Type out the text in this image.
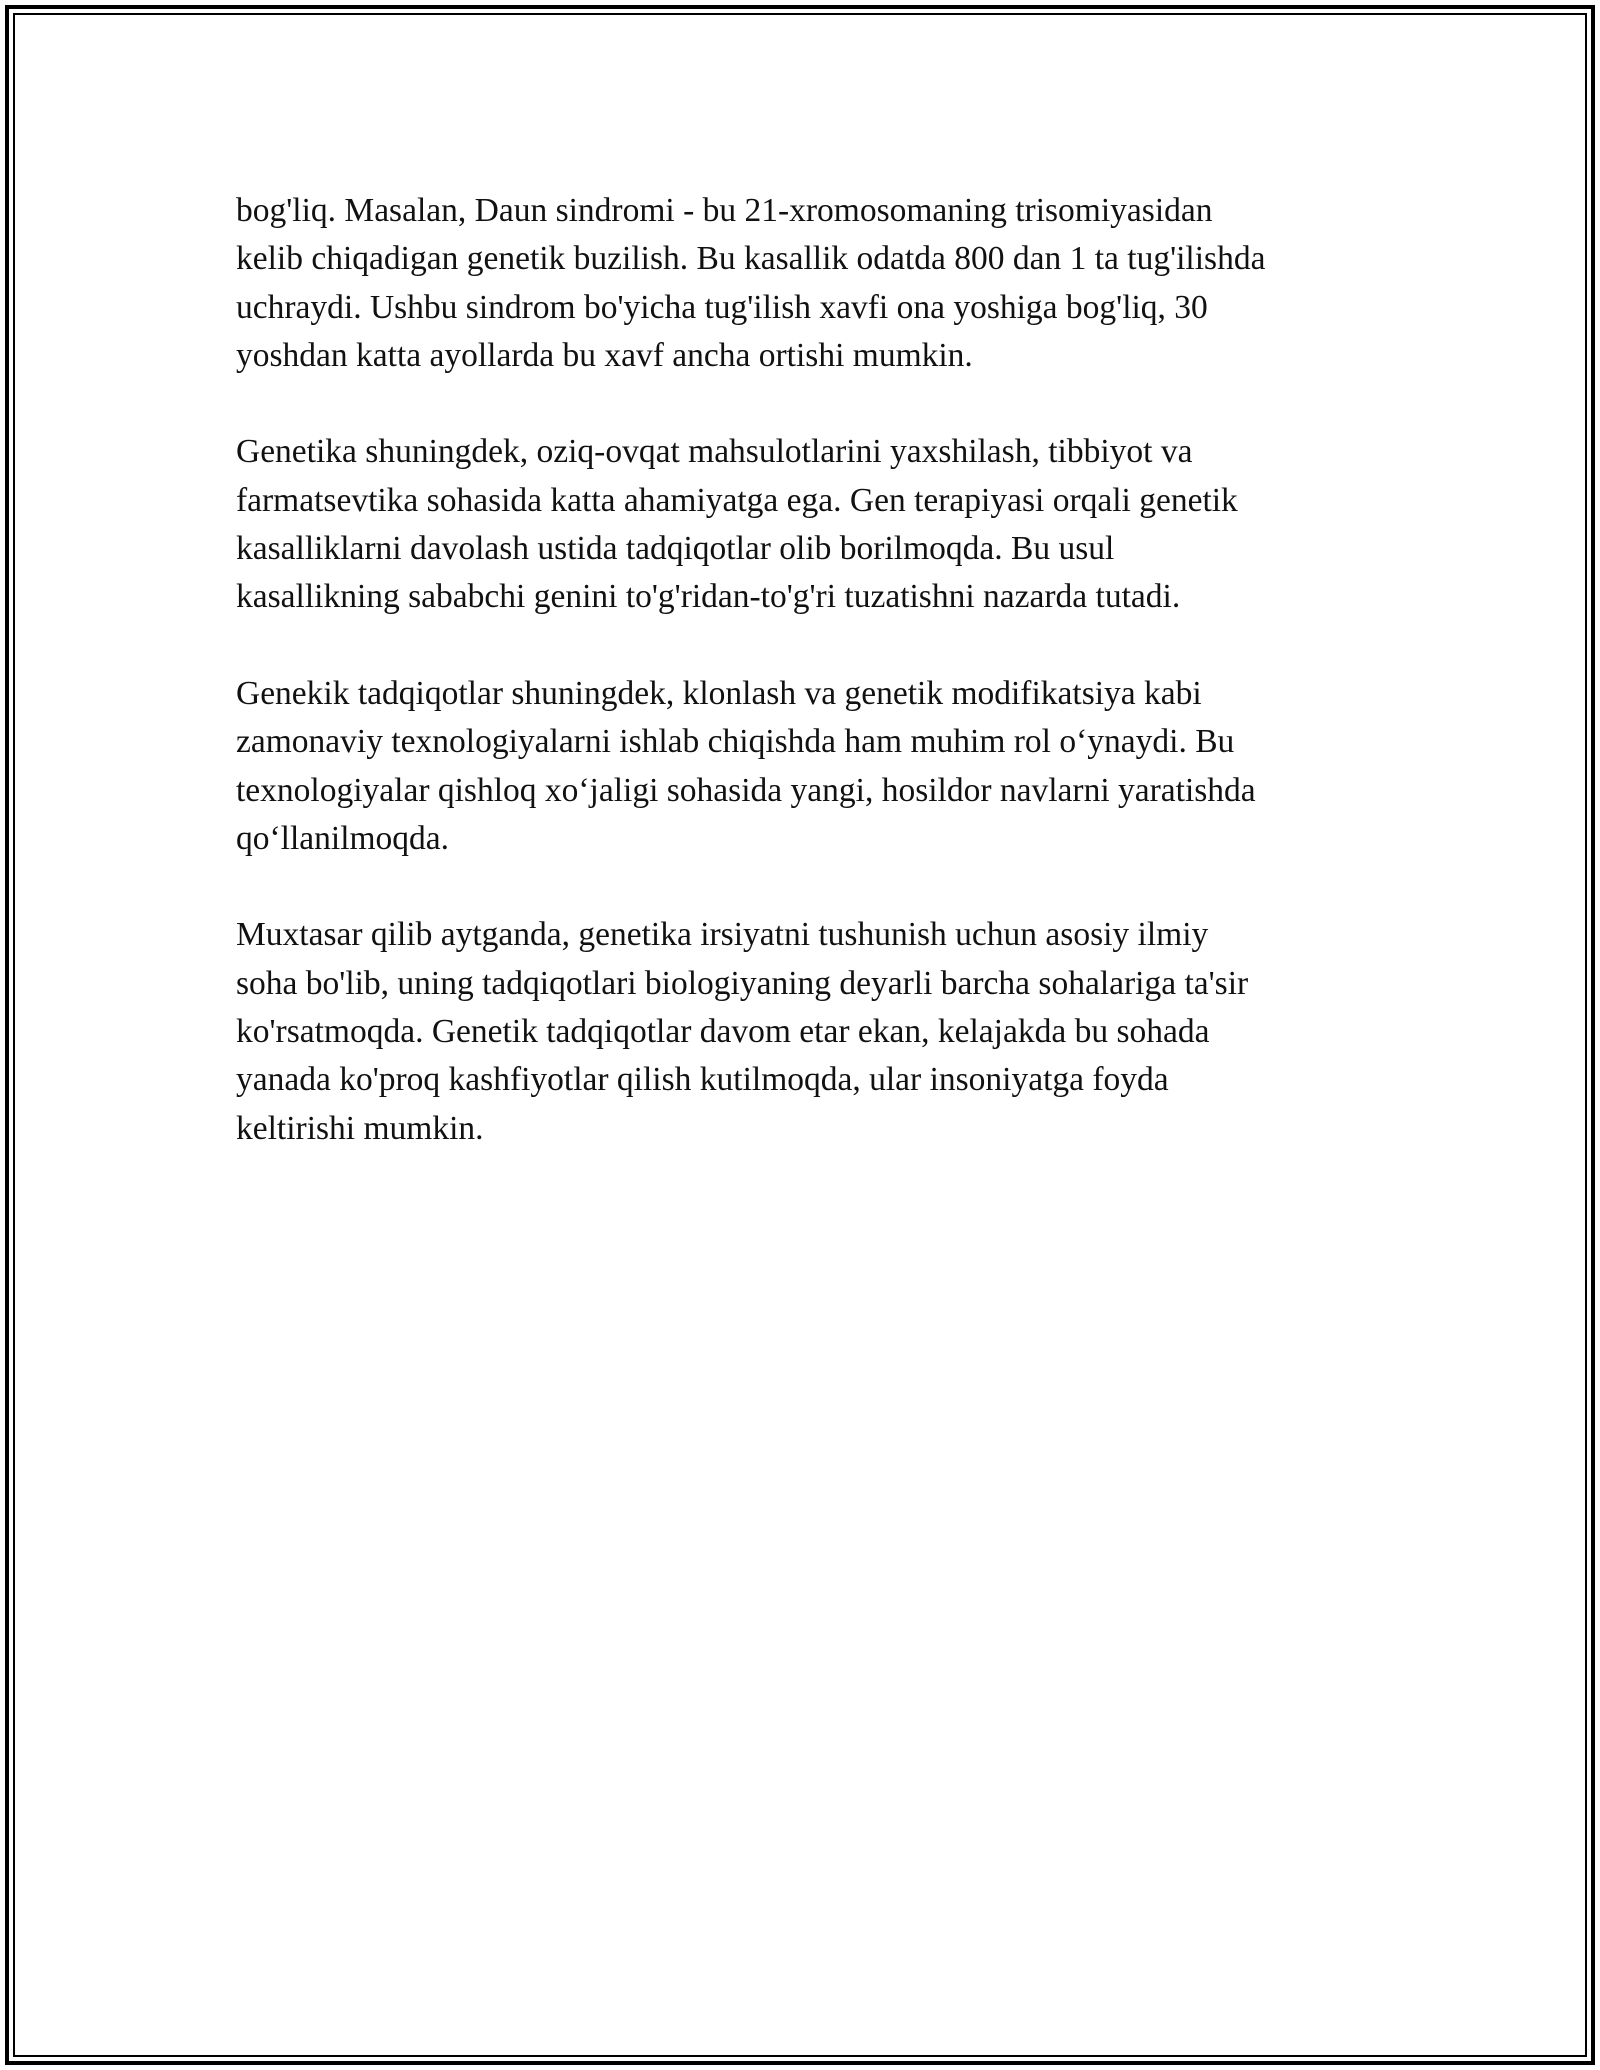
bog'liq. Masalan, Daun sindromi - bu 21-xromosomaning trisomiyasidan
kelib chiqadigan genetik buzilish. Bu kasallik odatda 800 dan 1 ta tug'ilishda
uchraydi. Ushbu sindrom bo'yicha tug'ilish xavfi ona yoshiga bog'liq, 30
yoshdan katta ayollarda bu xavf ancha ortishi mumkin.

Genetika shuningdek, oziq-ovqat mahsulotlarini yaxshilash, tibbiyot va
farmatsevtika sohasida katta ahamiyatga ega. Gen terapiyasi orqali genetik
kasalliklarni davolash ustida tadqiqotlar olib borilmoqda. Bu usul
kasallikning sababchi genini to'g'ridan-to'g'ri tuzatishni nazarda tutadi.

Genekik tadqiqotlar shuningdek, klonlash va genetik modifikatsiya kabi
zamonaviy texnologiyalarni ishlab chiqishda ham muhim rol o‘ynaydi. Bu
texnologiyalar qishloq xo‘jaligi sohasida yangi, hosildor navlarni yaratishda
qo‘llanilmoqda.

Muxtasar qilib aytganda, genetika irsiyatni tushunish uchun asosiy ilmiy
soha bo'lib, uning tadqiqotlari biologiyaning deyarli barcha sohalariga ta'sir
ko'rsatmoqda. Genetik tadqiqotlar davom etar ekan, kelajakda bu sohada
yanada ko'proq kashfiyotlar qilish kutilmoqda, ular insoniyatga foyda
keltirishi mumkin.
